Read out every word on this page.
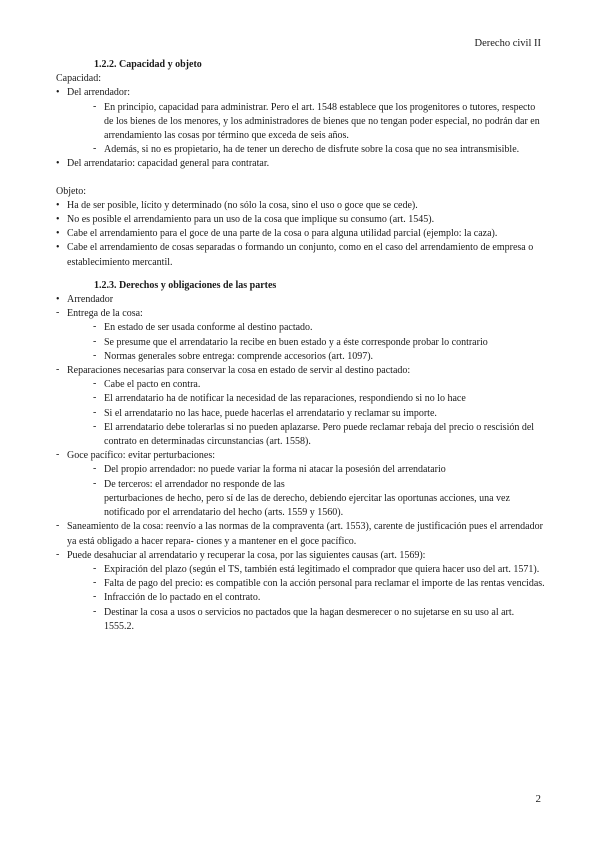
Derecho civil II
1.2.2. Capacidad y objeto
Capacidad:
• Del arrendador:
- En principio, capacidad para administrar. Pero el art. 1548 establece que los progenitores o tutores, respecto de los bienes de los menores, y los administradores de bienes que no tengan poder especial, no podrán dar en arrendamiento las cosas por término que exceda de seis años.
- Además, si no es propietario, ha de tener un derecho de disfrute sobre la cosa que no sea intransmisible.
• Del arrendatario: capacidad general para contratar.
Objeto:
• Ha de ser posible, lícito y determinado (no sólo la cosa, sino el uso o goce que se cede).
• No es posible el arrendamiento para un uso de la cosa que implique su consumo (art. 1545).
• Cabe el arrendamiento para el goce de una parte de la cosa o para alguna utilidad parcial (ejemplo: la caza).
• Cabe el arrendamiento de cosas separadas o formando un conjunto, como en el caso del arrendamiento de empresa o establecimiento mercantil.
1.2.3. Derechos y obligaciones de las partes
• Arrendador
- Entrega de la cosa:
- En estado de ser usada conforme al destino pactado.
- Se presume que el arrendatario la recibe en buen estado y a éste corresponde probar lo contrario
- Normas generales sobre entrega: comprende accesorios (art. 1097).
- Reparaciones necesarias para conservar la cosa en estado de servir al destino pactado:
- Cabe el pacto en contra.
- El arrendatario ha de notificar la necesidad de las reparaciones, respondiendo si no lo hace
- Si el arrendatario no las hace, puede hacerlas el arrendatario y reclamar su importe.
- El arrendatario debe tolerarlas si no pueden aplazarse. Pero puede reclamar rebaja del precio o rescisión del contrato en determinadas circunstancias (art. 1558).
- Goce pacífico: evitar perturbaciones:
- Del propio arrendador: no puede variar la forma ni atacar la posesión del arrendatario
- De terceros: el arrendador no responde de las
perturbaciones de hecho, pero sí de las de derecho, debiendo ejercitar las oportunas acciones, una vez notificado por el arrendatario del hecho (arts. 1559 y 1560).
- Saneamiento de la cosa: reenvío a las normas de la compraventa (art. 1553), carente de justificación pues el arrendador ya está obligado a hacer repara- ciones y a mantener en el goce pacífico.
- Puede desahuciar al arrendatario y recuperar la cosa, por las siguientes causas (art. 1569):
- Expiración del plazo (según el TS, también está legitimado el comprador que quiera hacer uso del art. 1571).
- Falta de pago del precio: es compatible con la acción personal para reclamar el importe de las rentas vencidas.
- Infracción de lo pactado en el contrato.
- Destinar la cosa a usos o servicios no pactados que la hagan desmerecer o no sujetarse en su uso al art. 1555.2.
2
